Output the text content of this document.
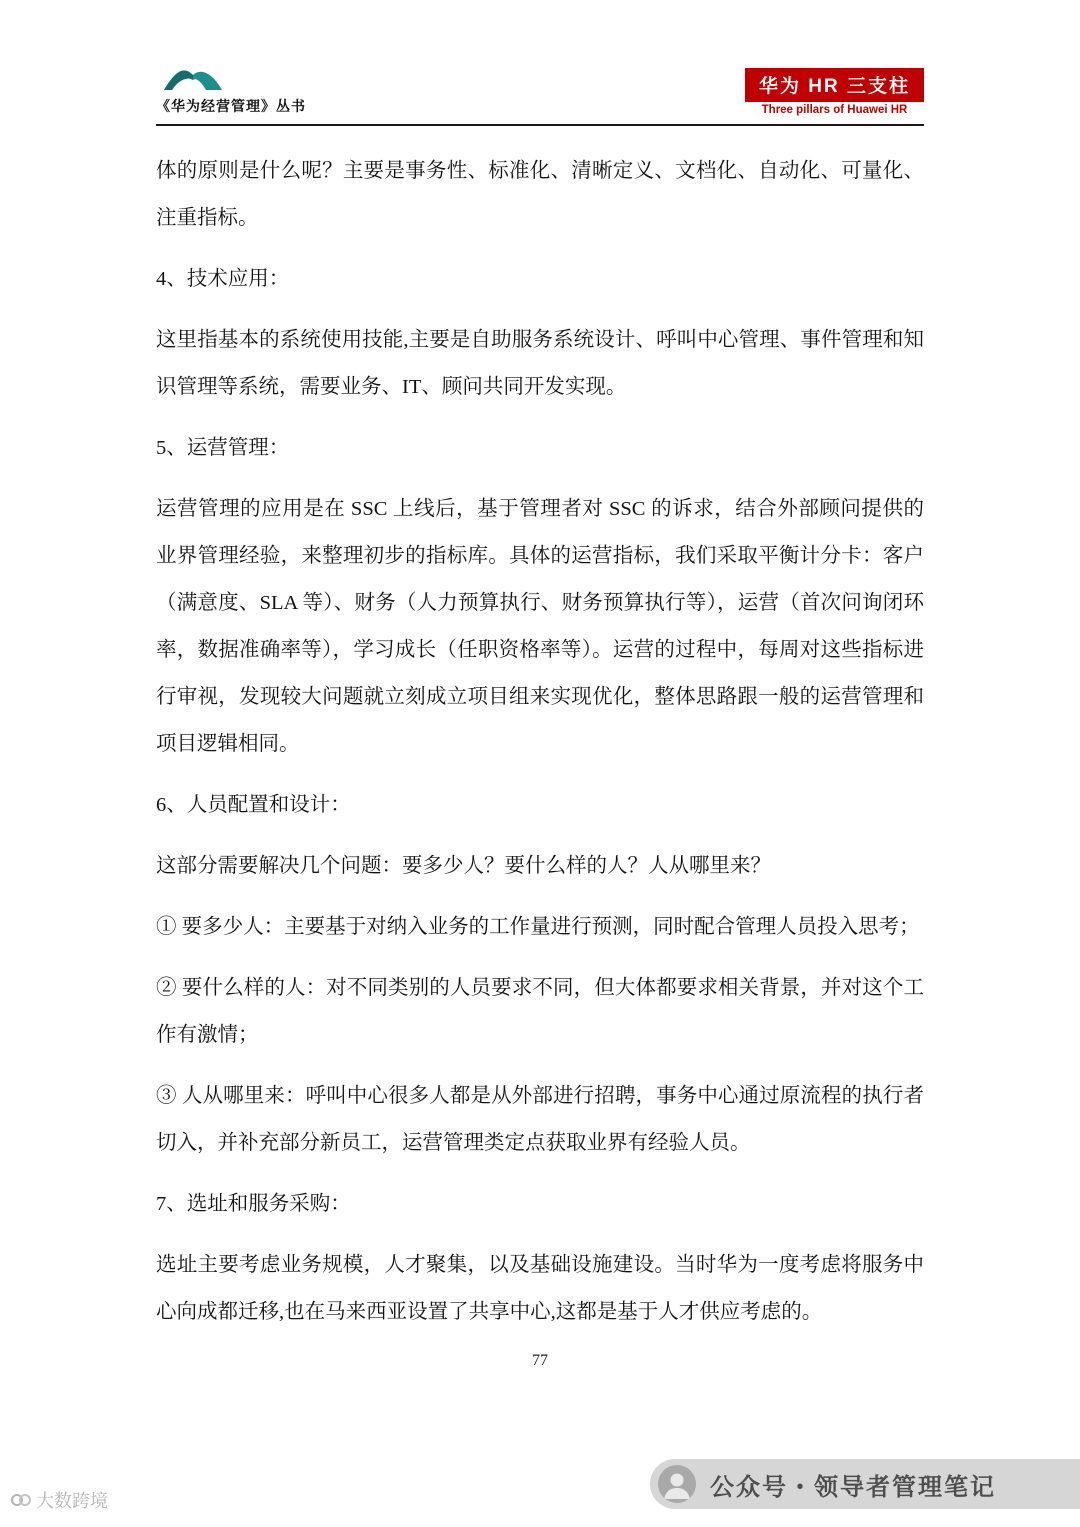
《华为经营管理》丛书
华为 HR 三支柱
Three pillars of Huawei HR

体的原则是什么呢？主要是事务性、标准化、清晰定义、文档化、自动化、可量化、注重指标。

4、技术应用：

这里指基本的系统使用技能,主要是自助服务系统设计、呼叫中心管理、事件管理和知识管理等系统，需要业务、IT、顾问共同开发实现。

5、运营管理：

运营管理的应用是在 SSC 上线后，基于管理者对 SSC 的诉求，结合外部顾问提供的业界管理经验，来整理初步的指标库。具体的运营指标，我们采取平衡计分卡：客户（满意度、SLA 等）、财务（人力预算执行、财务预算执行等），运营（首次问询闭环率，数据准确率等），学习成长（任职资格率等）。运营的过程中，每周对这些指标进行审视，发现较大问题就立刻成立项目组来实现优化，整体思路跟一般的运营管理和项目逻辑相同。

6、人员配置和设计：

这部分需要解决几个问题：要多少人？要什么样的人？人从哪里来？

① 要多少人：主要基于对纳入业务的工作量进行预测，同时配合管理人员投入思考；

② 要什么样的人：对不同类别的人员要求不同，但大体都要求相关背景，并对这个工作有激情；

③ 人从哪里来：呼叫中心很多人都是从外部进行招聘，事务中心通过原流程的执行者切入，并补充部分新员工，运营管理类定点获取业界有经验人员。

7、选址和服务采购：

选址主要考虑业务规模，人才聚集，以及基础设施建设。当时华为一度考虑将服务中心向成都迁移,也在马来西亚设置了共享中心,这都是基于人才供应考虑的。

77
大数跨境
公众号・领导者管理笔记
